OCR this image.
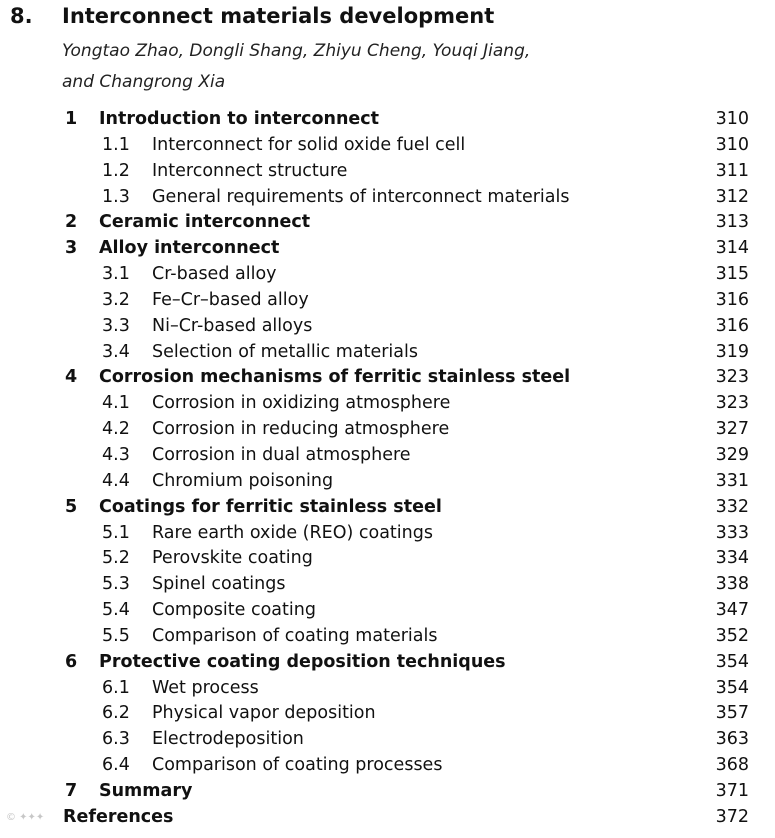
8.	Interconnect materials development
Yongtao Zhao, Dongli Shang, Zhiyu Cheng, Youqi Jiang,
and Changrong Xia
1 Introduction to interconnect	310
1.1 Interconnect for solid oxide fuel cell	310
1.2 Interconnect structure	311
1.3 General requirements of interconnect materials	312
2 Ceramic interconnect	313
3 Alloy interconnect	314
3.1 Cr-based alloy	315
3.2 Fe–Cr–based alloy	316
3.3 Ni–Cr-based alloys	316
3.4 Selection of metallic materials	319
4 Corrosion mechanisms of ferritic stainless steel	323
4.1 Corrosion in oxidizing atmosphere	323
4.2 Corrosion in reducing atmosphere	327
4.3 Corrosion in dual atmosphere	329
4.4 Chromium poisoning	331
5 Coatings for ferritic stainless steel	332
5.1 Rare earth oxide (REO) coatings	333
5.2 Perovskite coating	334
5.3 Spinel coatings	338
5.4 Composite coating	347
5.5 Comparison of coating materials	352
6 Protective coating deposition techniques	354
6.1 Wet process	354
6.2 Physical vapor deposition	357
6.3 Electrodeposition	363
6.4 Comparison of coating processes	368
7 Summary	371
References	372
© ✦✦✦
